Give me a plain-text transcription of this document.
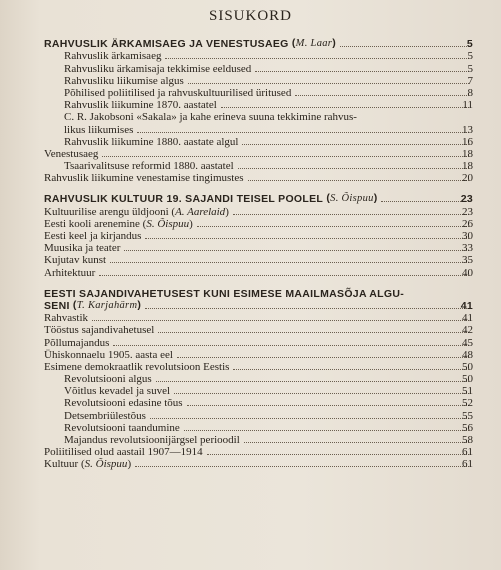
SISUKORD
RAHVUSLIK ÄRKAMISAEG JA VENESTUSAEG (M. Laar)	5
Rahvuslik ärkamisaeg	5
Rahvusliku ärkamisaja tekkimise eeldused	5
Rahvusliku liikumise algus	7
Põhilised poliitilised ja rahvuskultuurilised üritused	8
Rahvuslik liikumine 1870. aastatel	11
C. R. Jakobsoni «Sakala» ja kahe erineva suuna tekkimine rahvus-
likus liikumises	13
Rahvuslik liikumine 1880. aastate algul	16
Venestusaeg	18
Tsaarivalitsuse reformid 1880. aastatel	18
Rahvuslik liikumine venestamise tingimustes	20
RAHVUSLIK KULTUUR 19. SAJANDI TEISEL POOLEL (S. Õispuu)	23
Kultuurilise arengu üldjooni (A. Aarelaid)	23
Eesti kooli arenemine (S. Õispuu)	26
Eesti keel ja kirjandus	30
Muusika ja teater	33
Kujutav kunst	35
Arhitektuur	40
EESTI SAJANDIVAHETUSEST KUNI ESIMESE MAAILMASÕJA ALGU-
SENI (T. Karjahärm)	41
Rahvastik	41
Tööstus sajandivahetusel	42
Põllumajandus	45
Ühiskonnaelu 1905. aasta eel	48
Esimene demokraatlik revolutsioon Eestis	50
Revolutsiooni algus	50
Võitlus kevadel ja suvel	51
Revolutsiooni edasine tõus	52
Detsembriülestõus	55
Revolutsiooni taandumine	56
Majandus revolutsioonijärgsel perioodil	58
Poliitilised olud aastail 1907—1914	61
Kultuur (S. Õispuu)	61
